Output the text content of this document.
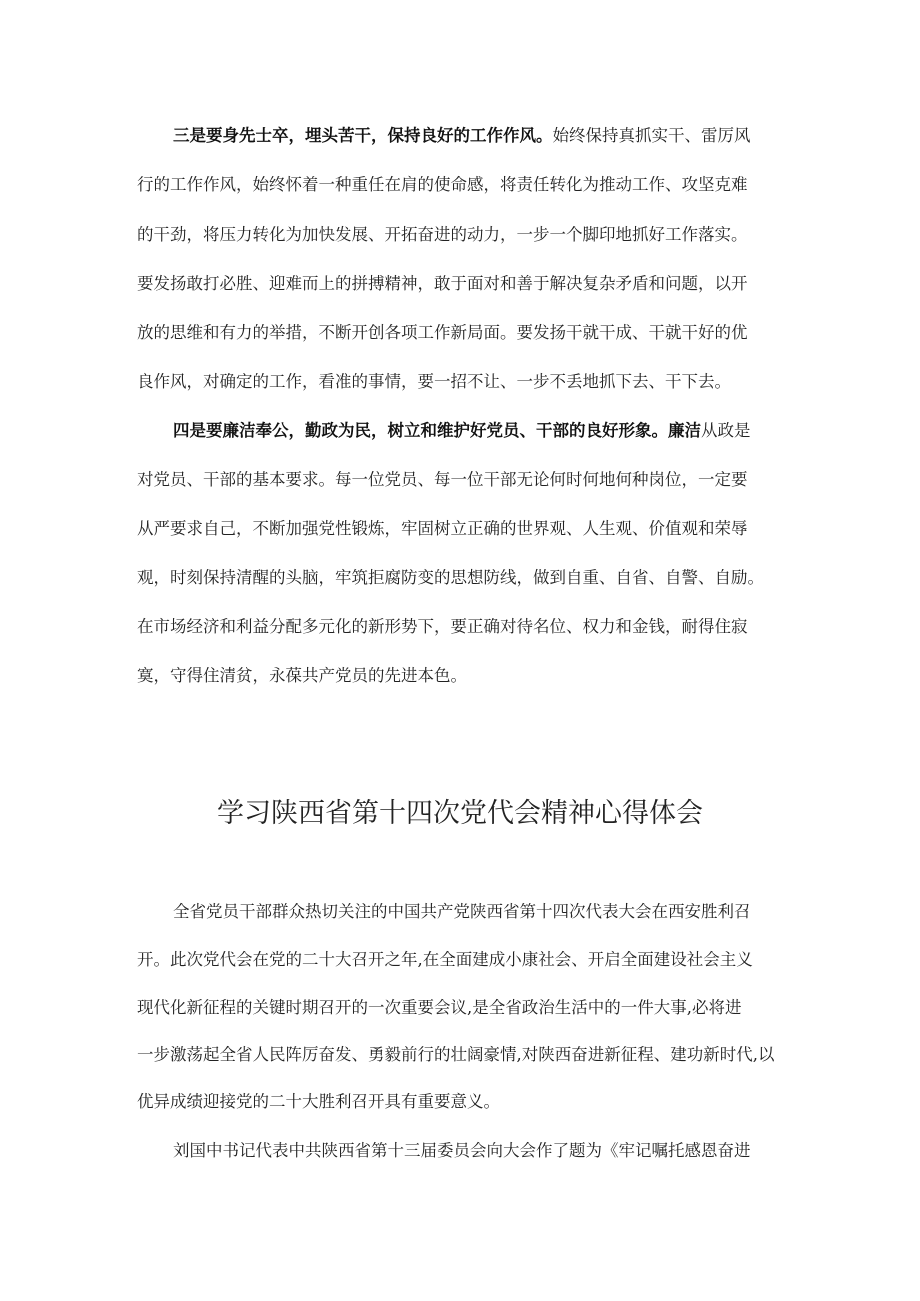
三是要身先士卒，埋头苦干，保持良好的工作作风。始终保持真抓实干、雷厉风
行的工作作风，始终怀着一种重任在肩的使命感，将责任转化为推动工作、攻坚克难
的干劲，将压力转化为加快发展、开拓奋进的动力，一步一个脚印地抓好工作落实。
要发扬敢打必胜、迎难而上的拼搏精神，敢于面对和善于解决复杂矛盾和问题，以开
放的思维和有力的举措，不断开创各项工作新局面。要发扬干就干成、干就干好的优
良作风，对确定的工作，看准的事情，要一招不让、一步不丢地抓下去、干下去。
四是要廉洁奉公，勤政为民，树立和维护好党员、干部的良好形象。廉洁从政是
对党员、干部的基本要求。每一位党员、每一位干部无论何时何地何种岗位，一定要
从严要求自己，不断加强党性锻炼，牢固树立正确的世界观、人生观、价值观和荣辱
观，时刻保持清醒的头脑，牢筑拒腐防变的思想防线，做到自重、自省、自警、自励。
在市场经济和利益分配多元化的新形势下，要正确对待名位、权力和金钱，耐得住寂
寞，守得住清贫，永葆共产党员的先进本色。
学习陕西省第十四次党代会精神心得体会
全省党员干部群众热切关注的中国共产党陕西省第十四次代表大会在西安胜利召
开。此次党代会在党的二十大召开之年,在全面建成小康社会、开启全面建设社会主义
现代化新征程的关键时期召开的一次重要会议,是全省政治生活中的一件大事,必将进
一步激荡起全省人民阵厉奋发、勇毅前行的壮阔豪情,对陕西奋进新征程、建功新时代,以
优异成绩迎接党的二十大胜利召开具有重要意义。
刘国中书记代表中共陕西省第十三届委员会向大会作了题为《牢记嘱托感恩奋进
